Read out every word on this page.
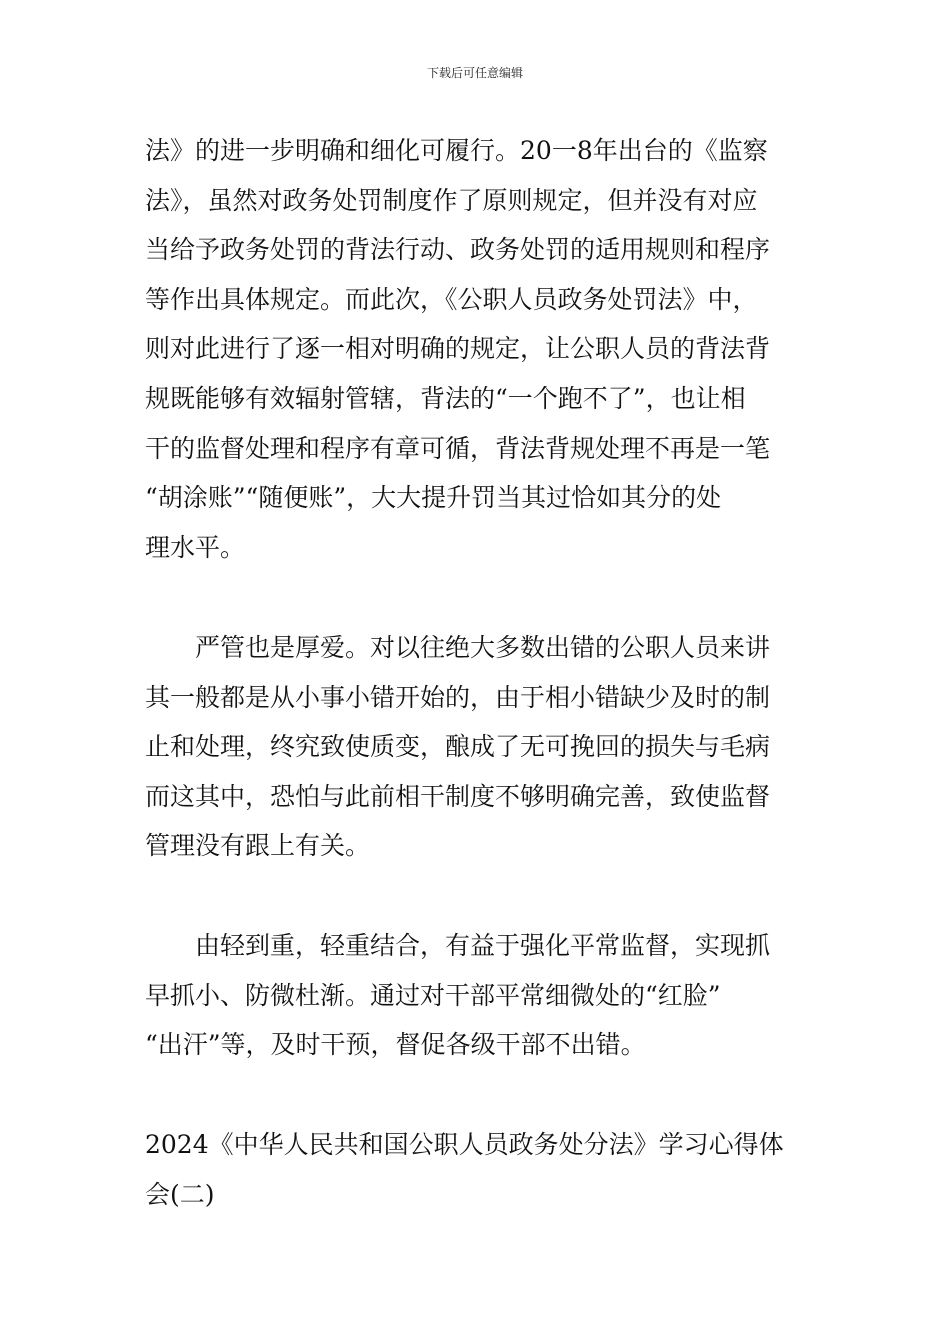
下载后可任意编辑
法》的进一步明确和细化可履行。20一8年出台的《监察
法》，虽然对政务处罚制度作了原则规定，但并没有对应
当给予政务处罚的背法行动、政务处罚的适用规则和程序
等作出具体规定。而此次，《公职人员政务处罚法》中，
则对此进行了逐一相对明确的规定，让公职人员的背法背
规既能够有效辐射管辖，背法的“一个跑不了”，也让相
干的监督处理和程序有章可循，背法背规处理不再是一笔
“胡涂账”“随便账”，大大提升罚当其过恰如其分的处
理水平。
严管也是厚爱。对以往绝大多数出错的公职人员来讲
其一般都是从小事小错开始的，由于相小错缺少及时的制
止和处理，终究致使质变，酿成了无可挽回的损失与毛病
而这其中，恐怕与此前相干制度不够明确完善，致使监督
管理没有跟上有关。
由轻到重，轻重结合，有益于强化平常监督，实现抓
早抓小、防微杜渐。通过对干部平常细微处的“红脸”
“出汗”等，及时干预，督促各级干部不出错。
2024《中华人民共和国公职人员政务处分法》学习心得体
会(二)
